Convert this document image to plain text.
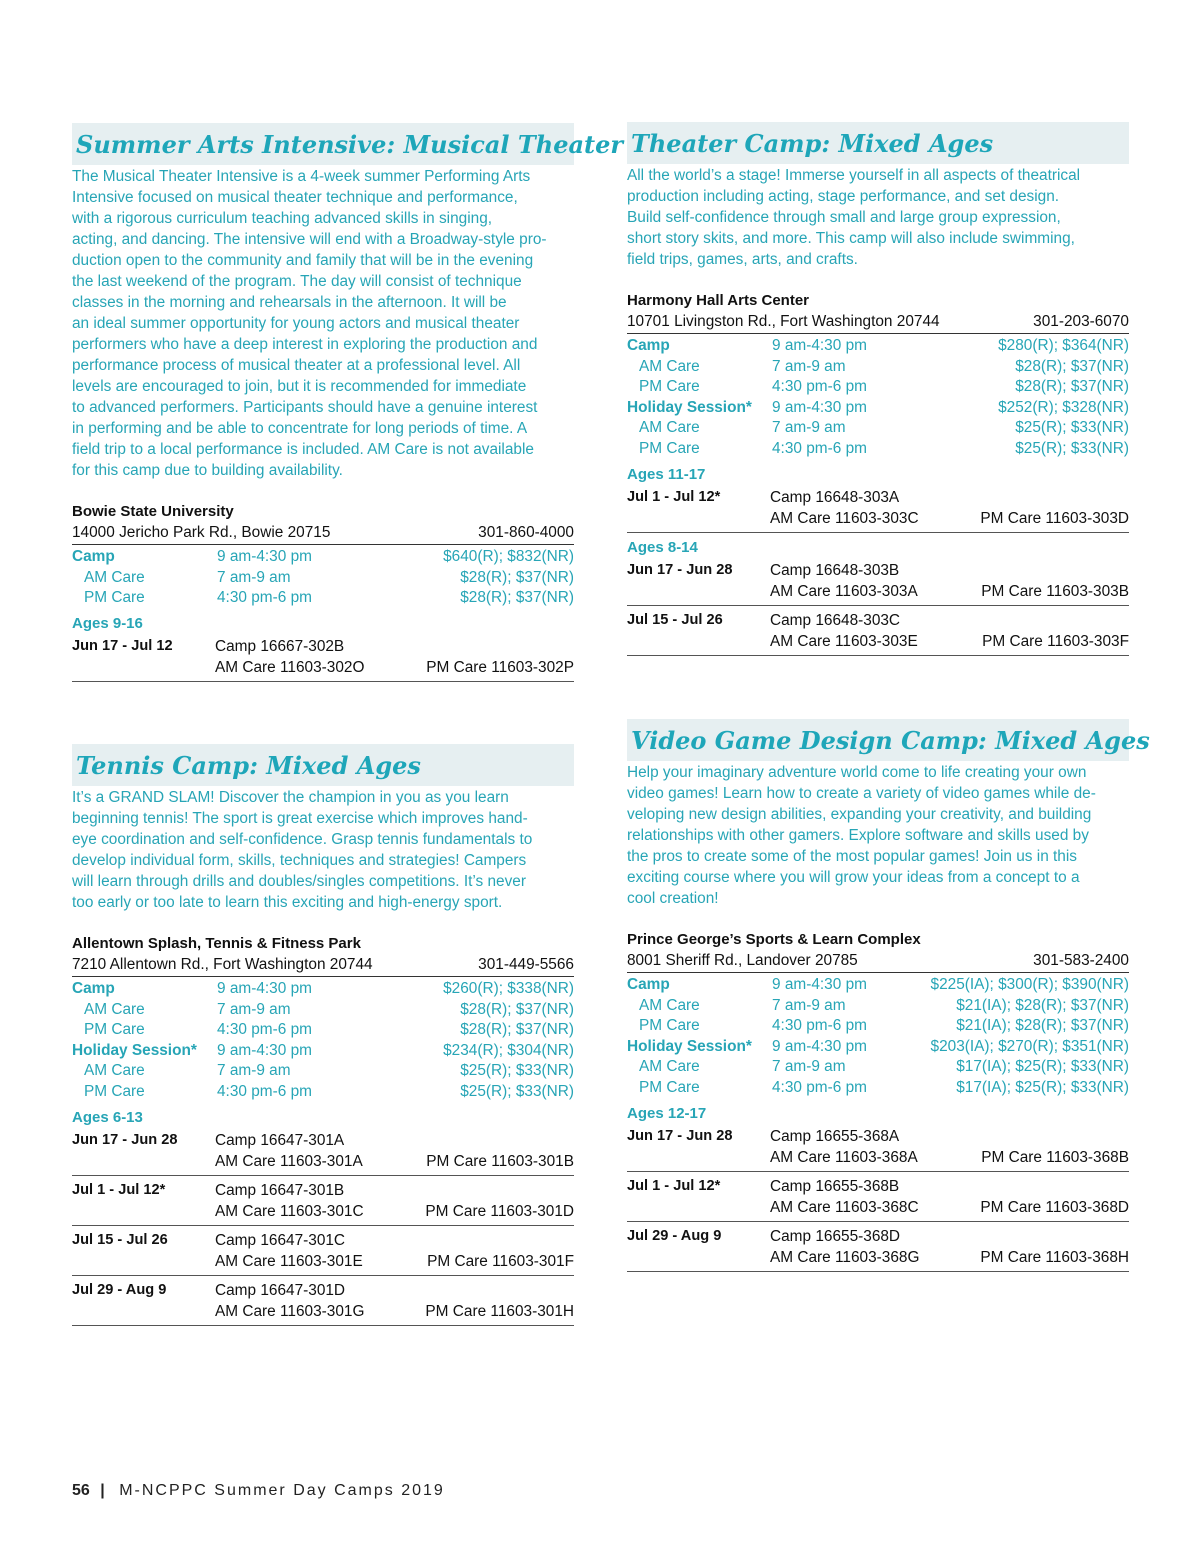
Summer Arts Intensive: Musical Theater
The Musical Theater Intensive is a 4-week summer Performing Arts
Intensive focused on musical theater technique and performance,
with a rigorous curriculum teaching advanced skills in singing,
acting, and dancing. The intensive will end with a Broadway-style pro-
duction open to the community and family that will be in the evening
the last weekend of the program. The day will consist of technique
classes in the morning and rehearsals in the afternoon. It will be
an ideal summer opportunity for young actors and musical theater
performers who have a deep interest in exploring the production and
performance process of musical theater at a professional level. All
levels are encouraged to join, but it is recommended for immediate
to advanced performers. Participants should have a genuine interest
in performing and be able to concentrate for long periods of time. A
field trip to a local performance is included. AM Care is not available
for this camp due to building availability.
Bowie State University
14000 Jericho Park Rd., Bowie 20715	301-860-4000
Camp	9 am-4:30 pm	$640(R); $832(NR)
AM Care	7 am-9 am	$28(R); $37(NR)
PM Care	4:30 pm-6 pm	$28(R); $37(NR)
Ages 9-16
Jun 17 - Jul 12	Camp 16667-302B
AM Care 11603-302O	PM Care 11603-302P
Theater Camp: Mixed Ages
All the world’s a stage! Immerse yourself in all aspects of theatrical
production including acting, stage performance, and set design.
Build self-confidence through small and large group expression,
short story skits, and more. This camp will also include swimming,
field trips, games, arts, and crafts.
Harmony Hall Arts Center
10701 Livingston Rd., Fort Washington 20744	301-203-6070
Camp	9 am-4:30 pm	$280(R); $364(NR)
AM Care	7 am-9 am	$28(R); $37(NR)
PM Care	4:30 pm-6 pm	$28(R); $37(NR)
Holiday Session*	9 am-4:30 pm	$252(R); $328(NR)
AM Care	7 am-9 am	$25(R); $33(NR)
PM Care	4:30 pm-6 pm	$25(R); $33(NR)
Ages 11-17
Jul 1 - Jul 12*	Camp 16648-303A
AM Care 11603-303C	PM Care 11603-303D
Ages 8-14
Jun 17 - Jun 28	Camp 16648-303B
AM Care 11603-303A	PM Care 11603-303B
Jul 15 - Jul 26	Camp 16648-303C
AM Care 11603-303E	PM Care 11603-303F
Tennis Camp: Mixed Ages
It’s a GRAND SLAM! Discover the champion in you as you learn
beginning tennis! The sport is great exercise which improves hand-
eye coordination and self-confidence. Grasp tennis fundamentals to
develop individual form, skills, techniques and strategies! Campers
will learn through drills and doubles/singles competitions. It’s never
too early or too late to learn this exciting and high-energy sport.
Allentown Splash, Tennis & Fitness Park
7210 Allentown Rd., Fort Washington 20744	301-449-5566
Camp	9 am-4:30 pm	$260(R); $338(NR)
AM Care	7 am-9 am	$28(R); $37(NR)
PM Care	4:30 pm-6 pm	$28(R); $37(NR)
Holiday Session*	9 am-4:30 pm	$234(R); $304(NR)
AM Care	7 am-9 am	$25(R); $33(NR)
PM Care	4:30 pm-6 pm	$25(R); $33(NR)
Ages 6-13
Jun 17 - Jun 28	Camp 16647-301A
AM Care 11603-301A	PM Care 11603-301B
Jul 1 - Jul 12*	Camp 16647-301B
AM Care 11603-301C	PM Care 11603-301D
Jul 15 - Jul 26	Camp 16647-301C
AM Care 11603-301E	PM Care 11603-301F
Jul 29 - Aug 9	Camp 16647-301D
AM Care 11603-301G	PM Care 11603-301H
Video Game Design Camp: Mixed Ages
Help your imaginary adventure world come to life creating your own
video games! Learn how to create a variety of video games while de-
veloping new design abilities, expanding your creativity, and building
relationships with other gamers. Explore software and skills used by
the pros to create some of the most popular games! Join us in this
exciting course where you will grow your ideas from a concept to a
cool creation!
Prince George’s Sports & Learn Complex
8001 Sheriff Rd., Landover 20785	301-583-2400
Camp	9 am-4:30 pm	$225(IA); $300(R); $390(NR)
AM Care	7 am-9 am	$21(IA); $28(R); $37(NR)
PM Care	4:30 pm-6 pm	$21(IA); $28(R); $37(NR)
Holiday Session*	9 am-4:30 pm	$203(IA); $270(R); $351(NR)
AM Care	7 am-9 am	$17(IA); $25(R); $33(NR)
PM Care	4:30 pm-6 pm	$17(IA); $25(R); $33(NR)
Ages 12-17
Jun 17 - Jun 28	Camp 16655-368A
AM Care 11603-368A	PM Care 11603-368B
Jul 1 - Jul 12*	Camp 16655-368B
AM Care 11603-368C	PM Care 11603-368D
Jul 29 - Aug 9	Camp 16655-368D
AM Care 11603-368G	PM Care 11603-368H
56 | M-NCPPC Summer Day Camps 2019
